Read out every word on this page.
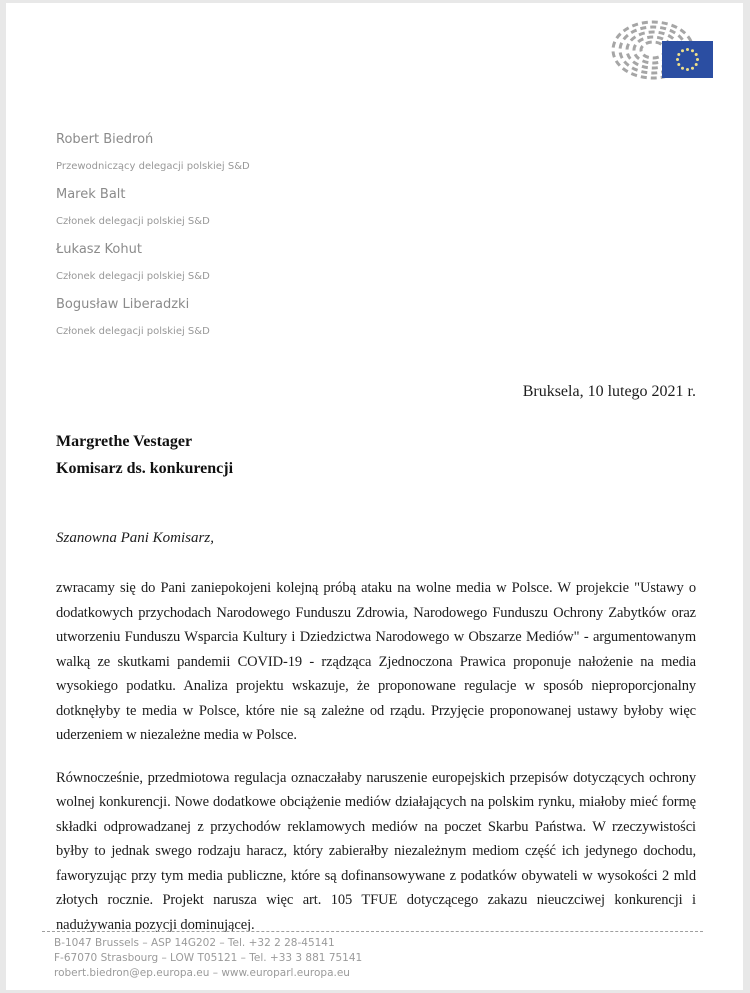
Robert Biedroń

Przewodniczący delegacji polskiej S&D

Marek Balt

Członek delegacji polskiej S&D

Łukasz Kohut

Członek delegacji polskiej S&D

Bogusław Liberadzki

Członek delegacji polskiej S&D

Bruksela, 10 lutego 2021 r.
Margrethe Vestager
Komisarz ds. konkurencji
Szanowna Pani Komisarz,

zwracamy się do Pani zaniepokojeni kolejną próbą ataku na wolne media w Polsce. W projekcie "Ustawy o dodatkowych przychodach Narodowego Funduszu Zdrowia, Narodowego Funduszu Ochrony Zabytków oraz utworzeniu Funduszu Wsparcia Kultury i Dziedzictwa Narodowego w Obszarze Mediów" - argumentowanym walką ze skutkami pandemii COVID-19 - rządząca Zjednoczona Prawica proponuje nałożenie na media wysokiego podatku. Analiza projektu wskazuje, że proponowane regulacje w sposób nieproporcjonalny dotknęłyby te media w Polsce, które nie są zależne od rządu. Przyjęcie proponowanej ustawy byłoby więc uderzeniem w niezależne media w Polsce.

Równocześnie, przedmiotowa regulacja oznaczałaby naruszenie europejskich przepisów dotyczących ochrony wolnej konkurencji. Nowe dodatkowe obciążenie mediów działających na polskim rynku, miałoby mieć formę składki odprowadzanej z przychodów reklamowych mediów na poczet Skarbu Państwa. W rzeczywistości byłby to jednak swego rodzaju haracz, który zabierałby niezależnym mediom część ich jedynego dochodu, faworyzując przy tym media publiczne, które są dofinansowywane z podatków obywateli w wysokości 2 mld złotych rocznie. Projekt narusza więc art. 105 TFUE dotyczącego zakazu nieuczciwej konkurencji i nadużywania pozycji dominującej.

B-1047 Brussels – ASP 14G202 – Tel. +32 2 28-45141
F-67070 Strasbourg – LOW T05121 – Tel. +33 3 881 75141
robert.biedron@ep.europa.eu – www.europarl.europa.eu
